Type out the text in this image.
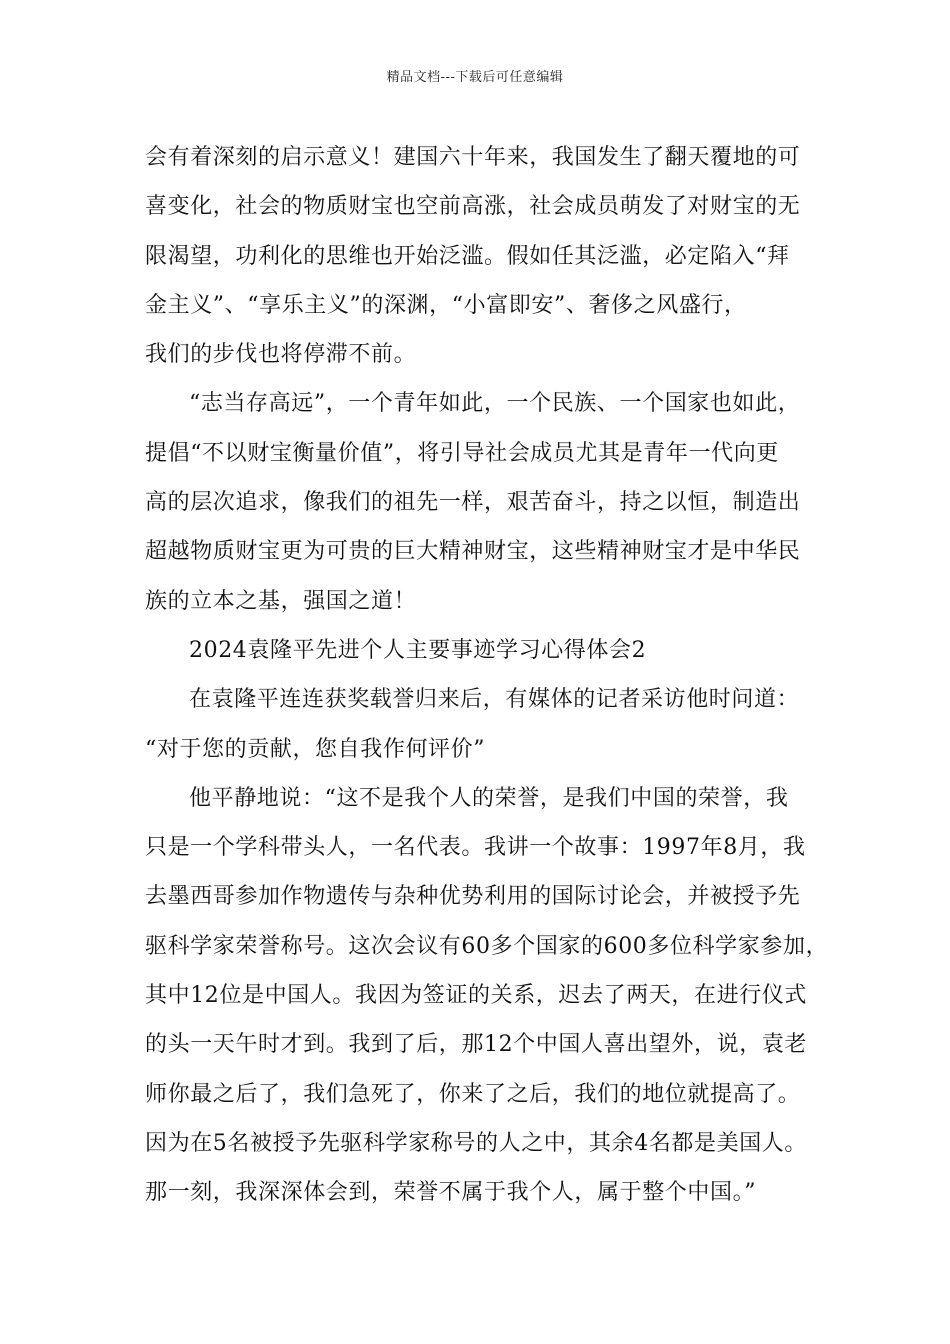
精品文档---下载后可任意编辑
会有着深刻的启示意义！建国六十年来，我国发生了翻天覆地的可
喜变化，社会的物质财宝也空前高涨，社会成员萌发了对财宝的无
限渴望，功利化的思维也开始泛滥。假如任其泛滥，必定陷入“拜
金主义”、“享乐主义”的深渊，“小富即安”、奢侈之风盛行，
我们的步伐也将停滞不前。
“志当存高远”，一个青年如此，一个民族、一个国家也如此，
提倡“不以财宝衡量价值”，将引导社会成员尤其是青年一代向更
高的层次追求，像我们的祖先一样，艰苦奋斗，持之以恒，制造出
超越物质财宝更为可贵的巨大精神财宝，这些精神财宝才是中华民
族的立本之基，强国之道！
2024袁隆平先进个人主要事迹学习心得体会2
在袁隆平连连获奖载誉归来后，有媒体的记者采访他时问道：
“对于您的贡献，您自我作何评价”
他平静地说：“这不是我个人的荣誉，是我们中国的荣誉，我
只是一个学科带头人，一名代表。我讲一个故事：1997年8月，我
去墨西哥参加作物遗传与杂种优势利用的国际讨论会，并被授予先
驱科学家荣誉称号。这次会议有60多个国家的600多位科学家参加，
其中12位是中国人。我因为签证的关系，迟去了两天，在进行仪式
的头一天午时才到。我到了后，那12个中国人喜出望外，说，袁老
师你最之后了，我们急死了，你来了之后，我们的地位就提高了。
因为在5名被授予先驱科学家称号的人之中，其余4名都是美国人。
那一刻，我深深体会到，荣誉不属于我个人，属于整个中国。”
